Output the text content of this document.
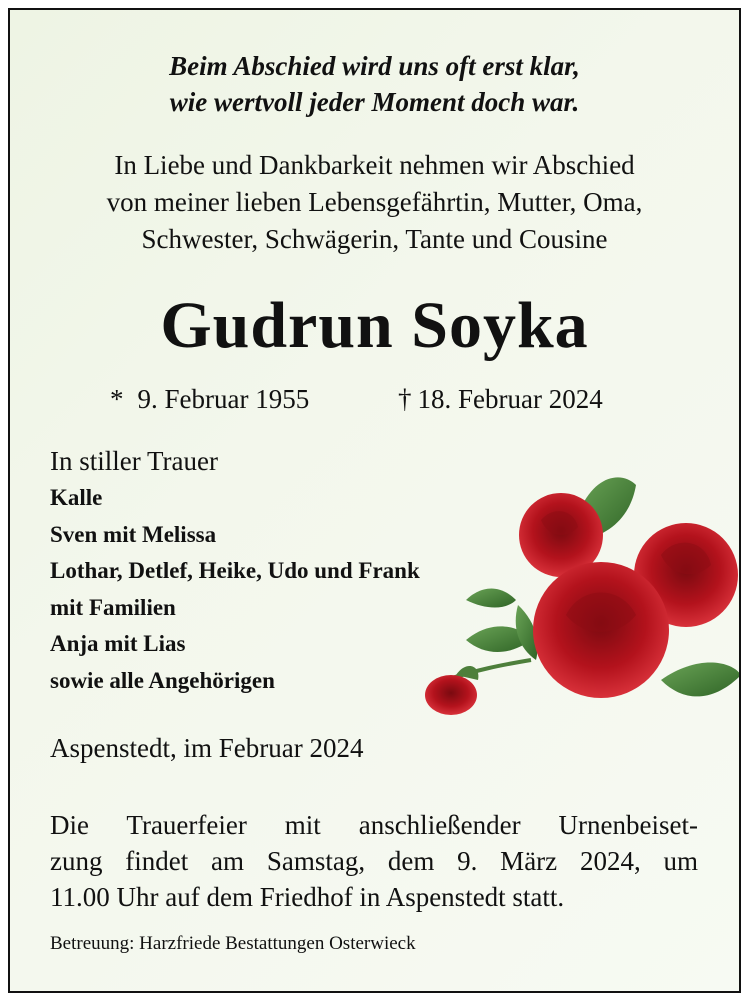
Beim Abschied wird uns oft erst klar,
wie wertvoll jeder Moment doch war.
In Liebe und Dankbarkeit nehmen wir Abschied
von meiner lieben Lebensgefährtin, Mutter, Oma,
Schwester, Schwägerin, Tante und Cousine
Gudrun Soyka
* 9. Februar 1955	† 18. Februar 2024
In stiller Trauer
Kalle
Sven mit Melissa
Lothar, Detlef, Heike, Udo und Frank
mit Familien
Anja mit Lias
sowie alle Angehörigen
Aspenstedt, im Februar 2024
Die Trauerfeier mit anschließender Urnenbeiset-
zung findet am Samstag, dem 9. März 2024, um
11.00 Uhr auf dem Friedhof in Aspenstedt statt.
Betreuung: Harzfriede Bestattungen Osterwieck
